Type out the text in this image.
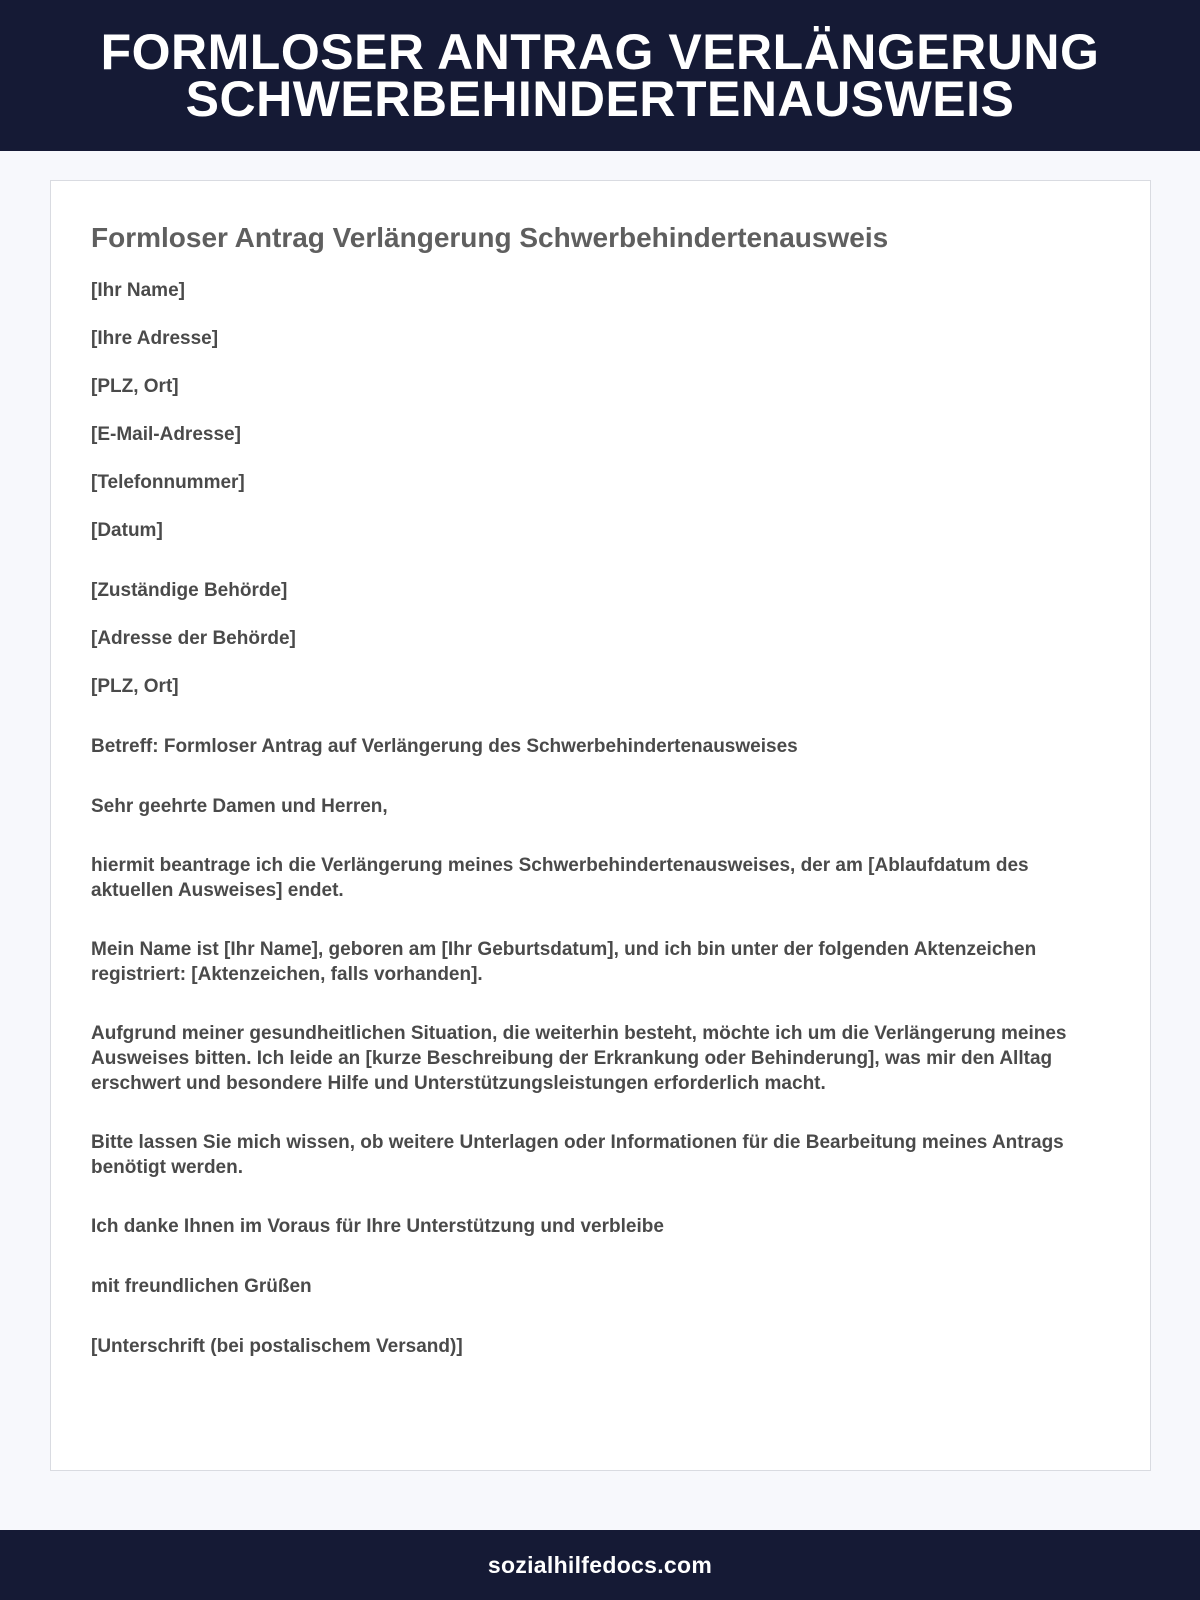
FORMLOSER ANTRAG VERLÄNGERUNG
SCHWERBEHINDERTENAUSWEIS
Formloser Antrag Verlängerung Schwerbehindertenausweis
[Ihr Name]
[Ihre Adresse]
[PLZ, Ort]
[E-Mail-Adresse]
[Telefonnummer]
[Datum]
[Zuständige Behörde]
[Adresse der Behörde]
[PLZ, Ort]
Betreff: Formloser Antrag auf Verlängerung des Schwerbehindertenausweises
Sehr geehrte Damen und Herren,
hiermit beantrage ich die Verlängerung meines Schwerbehindertenausweises, der am [Ablaufdatum des aktuellen Ausweises] endet.
Mein Name ist [Ihr Name], geboren am [Ihr Geburtsdatum], und ich bin unter der folgenden Aktenzeichen registriert: [Aktenzeichen, falls vorhanden].
Aufgrund meiner gesundheitlichen Situation, die weiterhin besteht, möchte ich um die Verlängerung meines Ausweises bitten. Ich leide an [kurze Beschreibung der Erkrankung oder Behinderung], was mir den Alltag erschwert und besondere Hilfe und Unterstützungsleistungen erforderlich macht.
Bitte lassen Sie mich wissen, ob weitere Unterlagen oder Informationen für die Bearbeitung meines Antrags benötigt werden.
Ich danke Ihnen im Voraus für Ihre Unterstützung und verbleibe
mit freundlichen Grüßen
[Unterschrift (bei postalischem Versand)]
sozialhilfedocs.com
